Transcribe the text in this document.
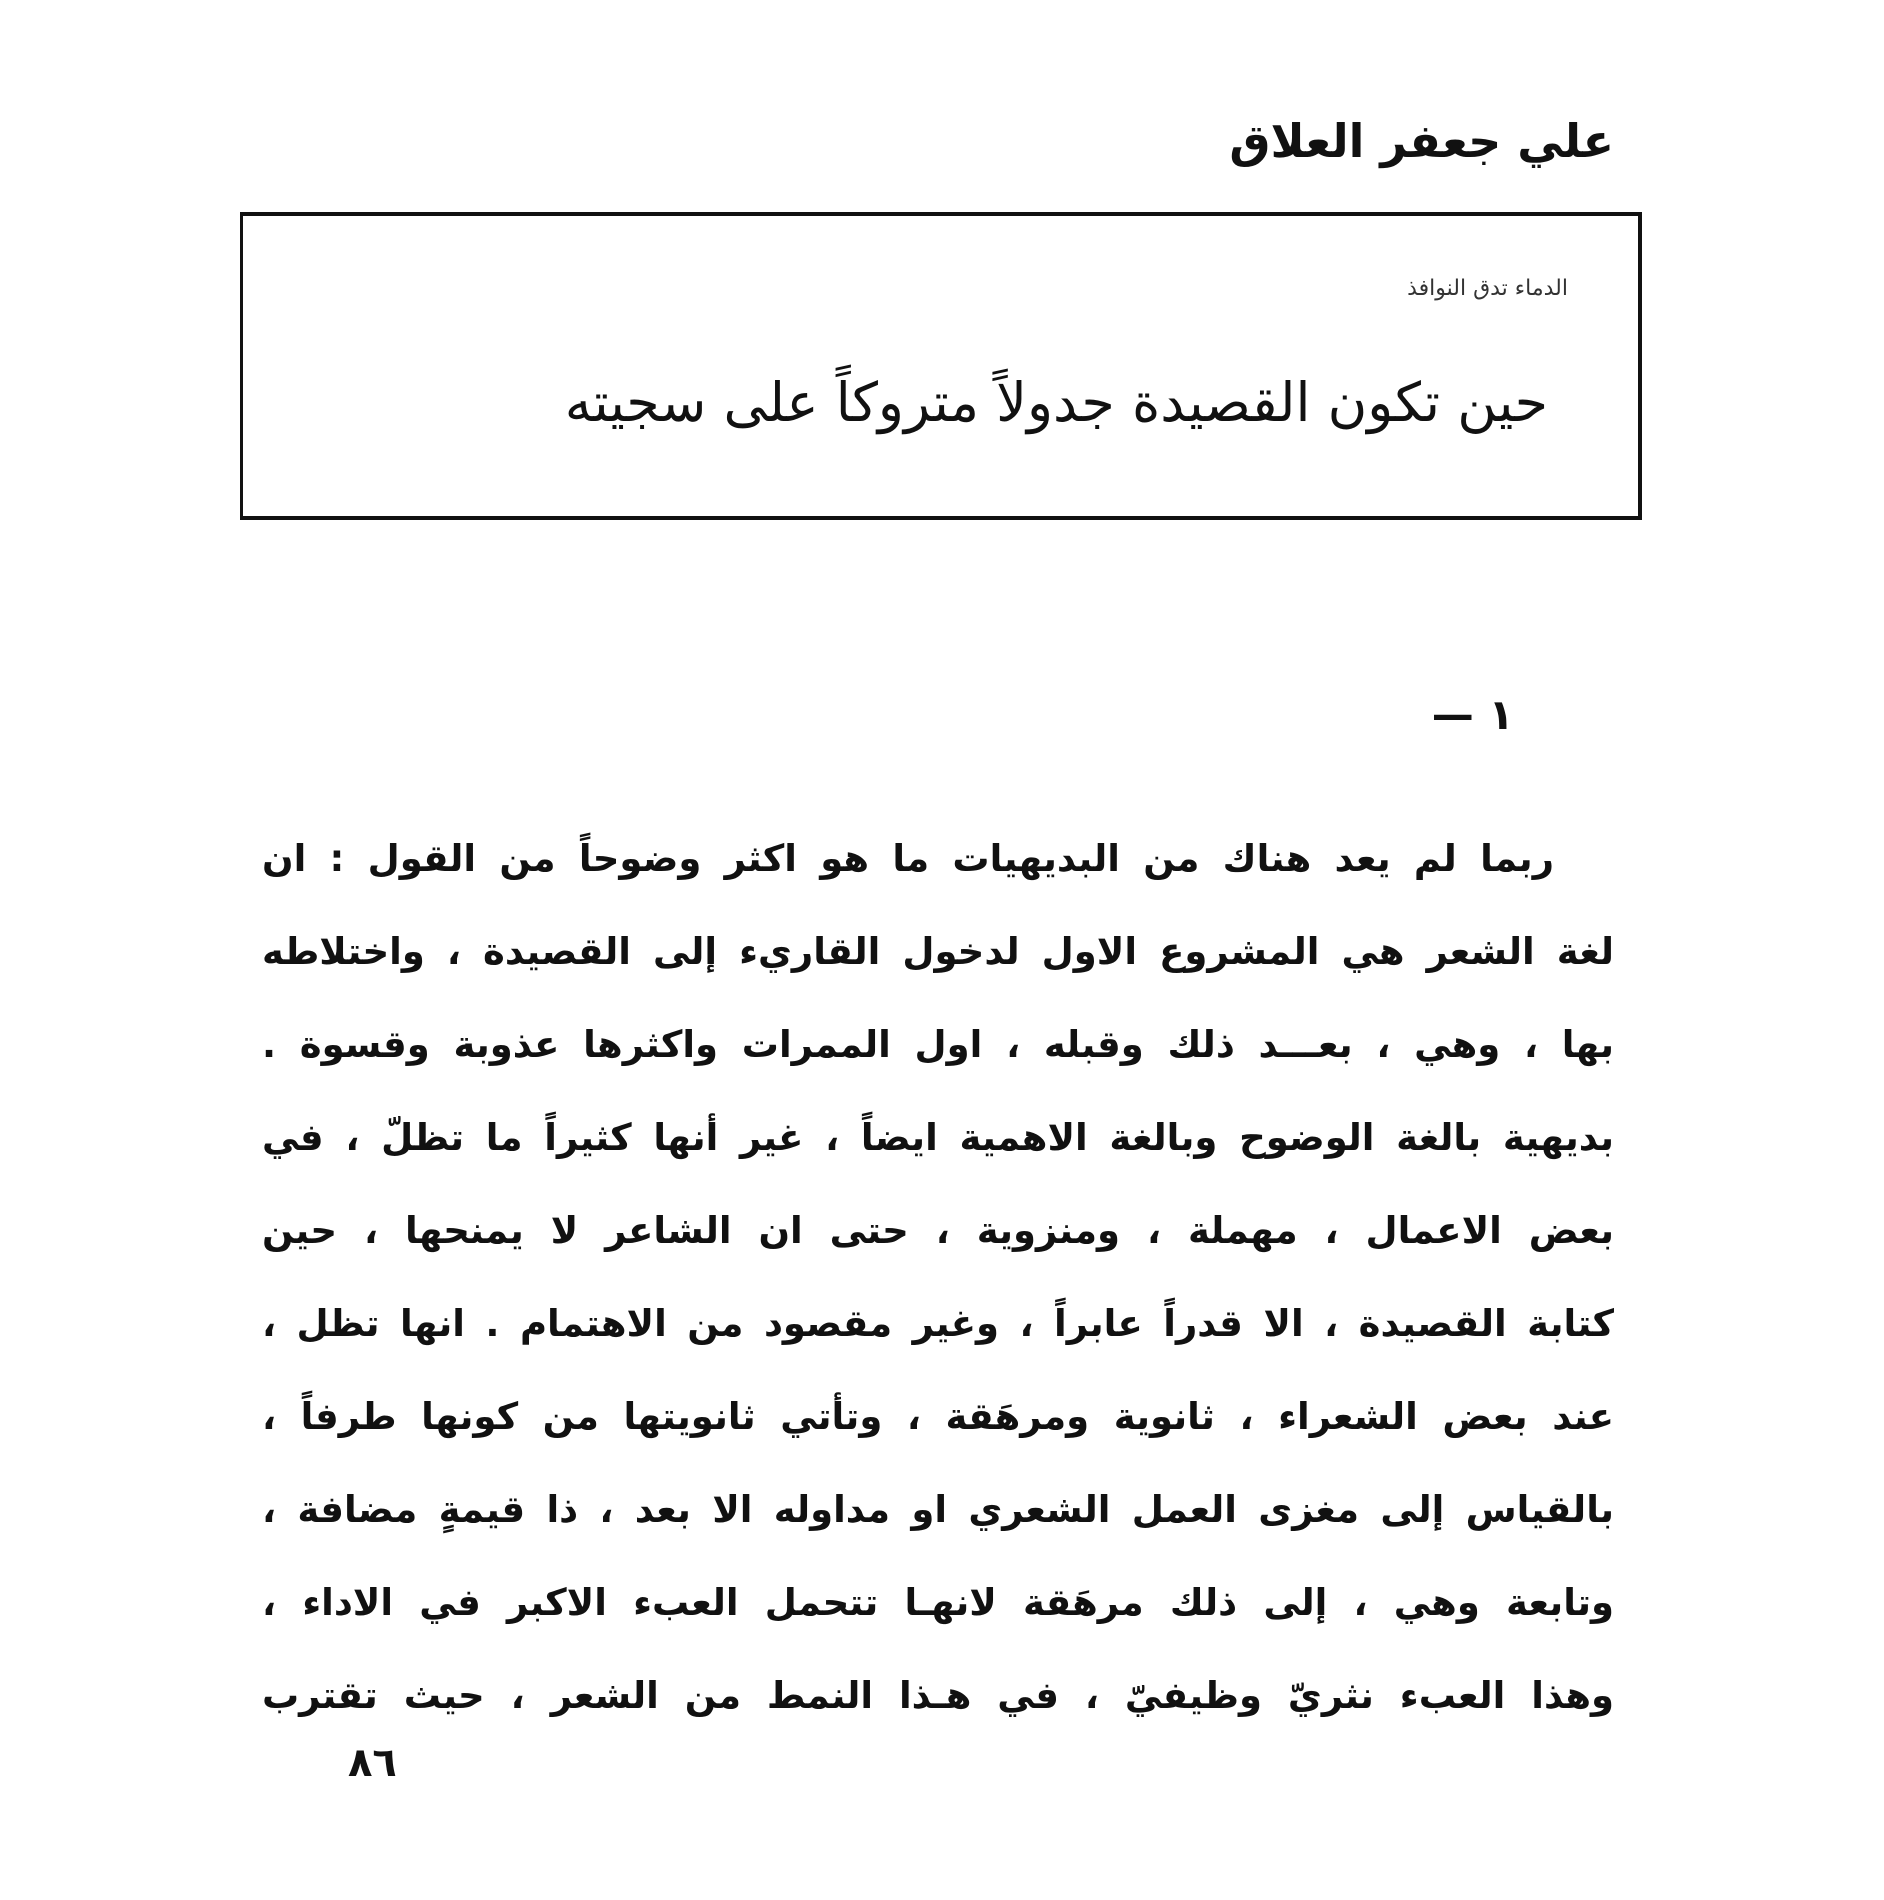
علي جعفر العلاق
الدماء تدق النوافذ
حين تكون القصيدة جدولاً متروكاً على سجيته
١ —
ربما لم يعد هناك من البديهيات ما هو اكثر وضوحاً من القول : ان
لغة الشعر هي المشروع الاول لدخول القاريء إلى القصيدة ، واختلاطه
بها ، وهي ، بعـــد ذلك وقبله ، اول الممرات واكثرها عذوبة وقسوة .
بديهية بالغة الوضوح وبالغة الاهمية ايضاً ، غير أنها كثيراً ما تظلّ ، في
بعض الاعمال ، مهملة ، ومنزوية ، حتى ان الشاعر لا يمنحها ، حين
كتابة القصيدة ، الا قدراً عابراً ، وغير مقصود من الاهتمام . انها تظل ،
عند بعض الشعراء ، ثانوية ومرهَقة ، وتأتي ثانويتها من كونها طرفاً ،
بالقياس إلى مغزى العمل الشعري او مداوله الا بعد ، ذا قيمةٍ مضافة ،
وتابعة وهي ، إلى ذلك مرهَقة لانهـا تتحمل العبء الاكبر في الاداء ،
وهذا العبء نثريّ وظيفيّ ، في هـذا النمط من الشعر ، حيث تقترب
٨٦
